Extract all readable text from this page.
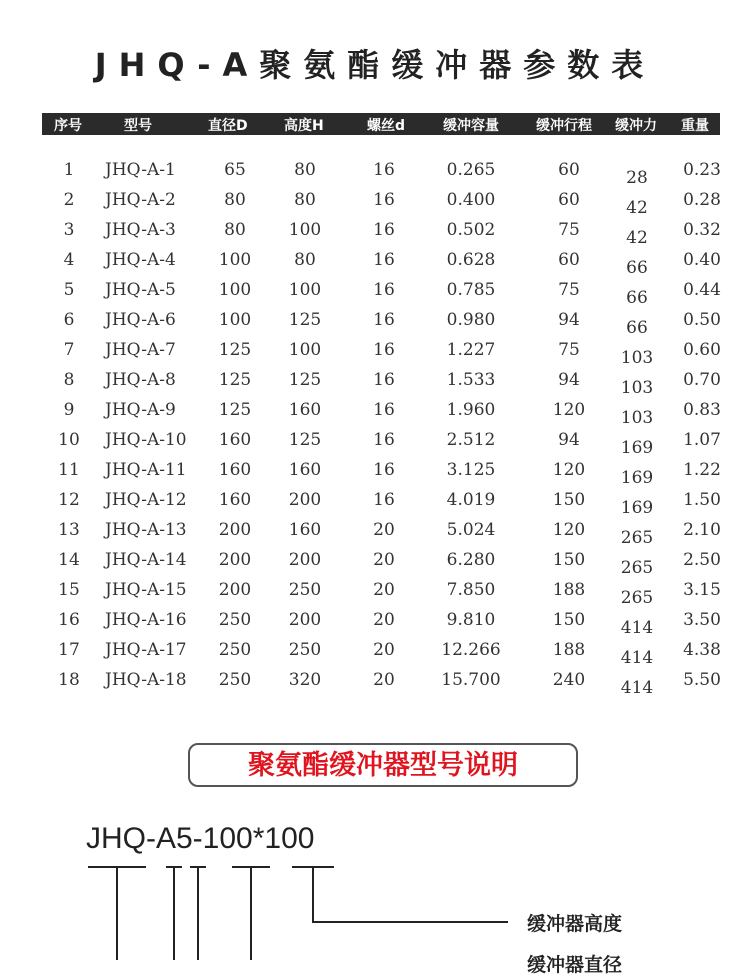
JHQ-A聚氨酯缓冲器参数表
序号	型号	直径D	高度H	螺丝d	缓冲容量	缓冲行程 缓冲力 重量
1	JHQ-A-1	65	80	16	0.265	60	28	0.23
2	JHQ-A-2	80	80	16	0.400	60	42	0.28
3	JHQ-A-3	80	100	16	0.502	75	42	0.32
4	JHQ-A-4	100	80	16	0.628	60	66	0.40
5	JHQ-A-5	100	100	16	0.785	75	66	0.44
6	JHQ-A-6	100	125	16	0.980	94	66	0.50
7	JHQ-A-7	125	100	16	1.227	75	103	0.60
8	JHQ-A-8	125	125	16	1.533	94	103	0.70
9	JHQ-A-9	125	160	16	1.960	120	103	0.83
10 JHQ-A-10	160	125	16	2.512	94	169	1.07
11 JHQ-A-11	160	160	16	3.125	120	169	1.22
12 JHQ-A-12	160	200	16	4.019	150	169	1.50
13 JHQ-A-13	200	160	20	5.024	120	265	2.10
14 JHQ-A-14	200	200	20	6.280	150	265	2.50
15 JHQ-A-15	200	250	20	7.850	188	265	3.15
16 JHQ-A-16	250	200	20	9.810	150	414	3.50
17 JHQ-A-17	250	250	20	12.266	188	414	4.38
18 JHQ-A-18	250	320	20	15.700	240	414	5.50
聚氨酯缓冲器型号说明
JHQ-A5-100*100
缓冲器高度
缓冲器直径
